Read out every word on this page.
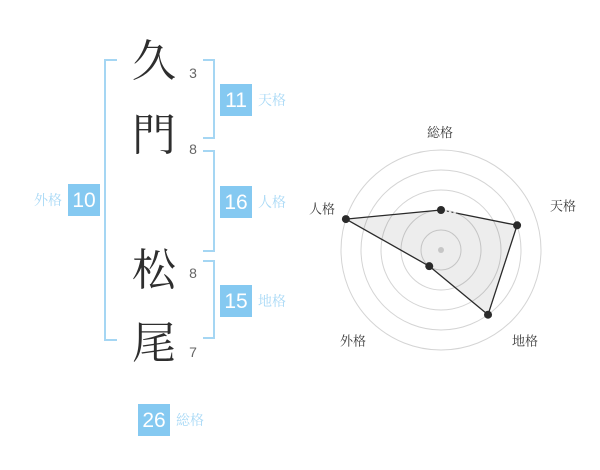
久
門
松
尾
3
8
8
7
11 天格
16 人格
15 地格
26 総格
外格 10
総格
天格
地格
外格
人格
